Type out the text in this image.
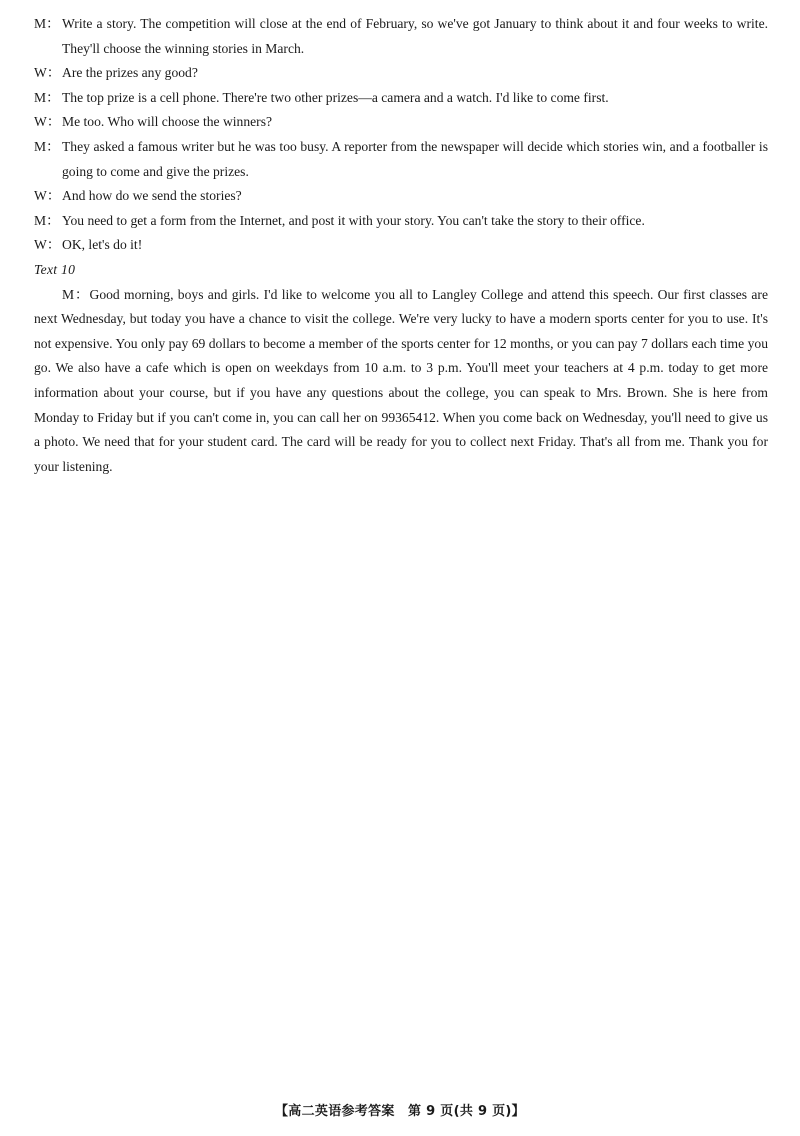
M： Write a story. The competition will close at the end of February, so we've got January to think about it and four weeks to write. They'll choose the winning stories in March.
W： Are the prizes any good?
M： The top prize is a cell phone. There're two other prizes—a camera and a watch. I'd like to come first.
W： Me too. Who will choose the winners?
M： They asked a famous writer but he was too busy. A reporter from the newspaper will decide which stories win, and a footballer is going to come and give the prizes.
W： And how do we send the stories?
M： You need to get a form from the Internet, and post it with your story. You can't take the story to their office.
W： OK, let's do it!
Text 10
M：Good morning, boys and girls. I'd like to welcome you all to Langley College and attend this speech. Our first classes are next Wednesday, but today you have a chance to visit the college. We're very lucky to have a modern sports center for you to use. It's not expensive. You only pay 69 dollars to become a member of the sports center for 12 months, or you can pay 7 dollars each time you go. We also have a cafe which is open on weekdays from 10 a.m. to 3 p.m. You'll meet your teachers at 4 p.m. today to get more information about your course, but if you have any questions about the college, you can speak to Mrs. Brown. She is here from Monday to Friday but if you can't come in, you can call her on 99365412. When you come back on Wednesday, you'll need to give us a photo. We need that for your student card. The card will be ready for you to collect next Friday. That's all from me. Thank you for your listening.
【高二英语参考答案　第 9 页(共 9 页)】
